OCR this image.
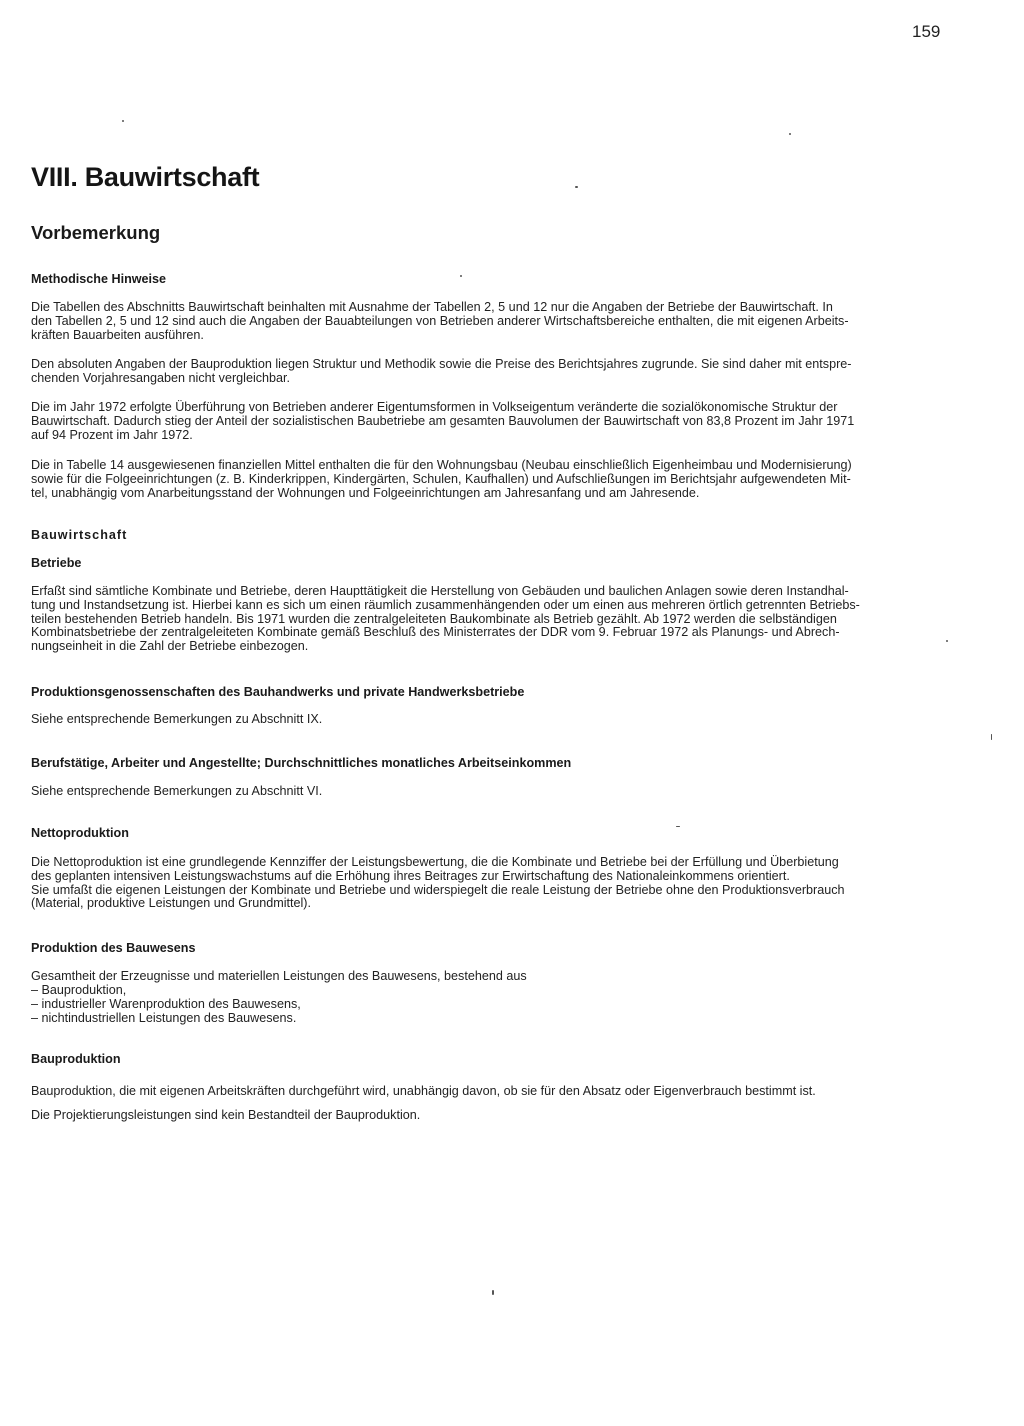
159
VIII. Bauwirtschaft
Vorbemerkung
Methodische Hinweise

Die Tabellen des Abschnitts Bauwirtschaft beinhalten mit Ausnahme der Tabellen 2, 5 und 12 nur die Angaben der Betriebe der Bauwirtschaft. In
den Tabellen 2, 5 und 12 sind auch die Angaben der Bauabteilungen von Betrieben anderer Wirtschaftsbereiche enthalten, die mit eigenen Arbeits-
kräften Bauarbeiten ausführen.

Den absoluten Angaben der Bauproduktion liegen Struktur und Methodik sowie die Preise des Berichtsjahres zugrunde. Sie sind daher mit entspre-
chenden Vorjahresangaben nicht vergleichbar.

Die im Jahr 1972 erfolgte Überführung von Betrieben anderer Eigentumsformen in Volkseigentum veränderte die sozialökonomische Struktur der
Bauwirtschaft. Dadurch stieg der Anteil der sozialistischen Baubetriebe am gesamten Bauvolumen der Bauwirtschaft von 83,8 Prozent im Jahr 1971
auf 94 Prozent im Jahr 1972.

Die in Tabelle 14 ausgewiesenen finanziellen Mittel enthalten die für den Wohnungsbau (Neubau einschließlich Eigenheimbau und Modernisierung)
sowie für die Folgeeinrichtungen (z. B. Kinderkrippen, Kindergärten, Schulen, Kaufhallen) und Aufschließungen im Berichtsjahr aufgewendeten Mit-
tel, unabhängig vom Anarbeitungsstand der Wohnungen und Folgeeinrichtungen am Jahresanfang und am Jahresende.

Bauwirtschaft
Betriebe

Erfaßt sind sämtliche Kombinate und Betriebe, deren Haupttätigkeit die Herstellung von Gebäuden und baulichen Anlagen sowie deren Instandhal-
tung und Instandsetzung ist. Hierbei kann es sich um einen räumlich zusammenhängenden oder um einen aus mehreren örtlich getrennten Betriebs-
teilen bestehenden Betrieb handeln. Bis 1971 wurden die zentralgeleiteten Baukombinate als Betrieb gezählt. Ab 1972 werden die selbständigen
Kombinatsbetriebe der zentralgeleiteten Kombinate gemäß Beschluß des Ministerrates der DDR vom 9. Februar 1972 als Planungs- und Abrech-
nungseinheit in die Zahl der Betriebe einbezogen.

Produktionsgenossenschaften des Bauhandwerks und private Handwerksbetriebe

Siehe entsprechende Bemerkungen zu Abschnitt IX.

Berufstätige, Arbeiter und Angestellte; Durchschnittliches monatliches Arbeitseinkommen

Siehe entsprechende Bemerkungen zu Abschnitt VI.

Nettoproduktion

Die Nettoproduktion ist eine grundlegende Kennziffer der Leistungsbewertung, die die Kombinate und Betriebe bei der Erfüllung und Überbietung
des geplanten intensiven Leistungswachstums auf die Erhöhung ihres Beitrages zur Erwirtschaftung des Nationaleinkommens orientiert.
Sie umfaßt die eigenen Leistungen der Kombinate und Betriebe und widerspiegelt die reale Leistung der Betriebe ohne den Produktionsverbrauch
(Material, produktive Leistungen und Grundmittel).

Produktion des Bauwesens

Gesamtheit der Erzeugnisse und materiellen Leistungen des Bauwesens, bestehend aus

– Bauproduktion,
– industrieller Warenproduktion des Bauwesens,
– nichtindustriellen Leistungen des Bauwesens.
Bauproduktion

Bauproduktion, die mit eigenen Arbeitskräften durchgeführt wird, unabhängig davon, ob sie für den Absatz oder Eigenverbrauch bestimmt ist.

Die Projektierungsleistungen sind kein Bestandteil der Bauproduktion.
